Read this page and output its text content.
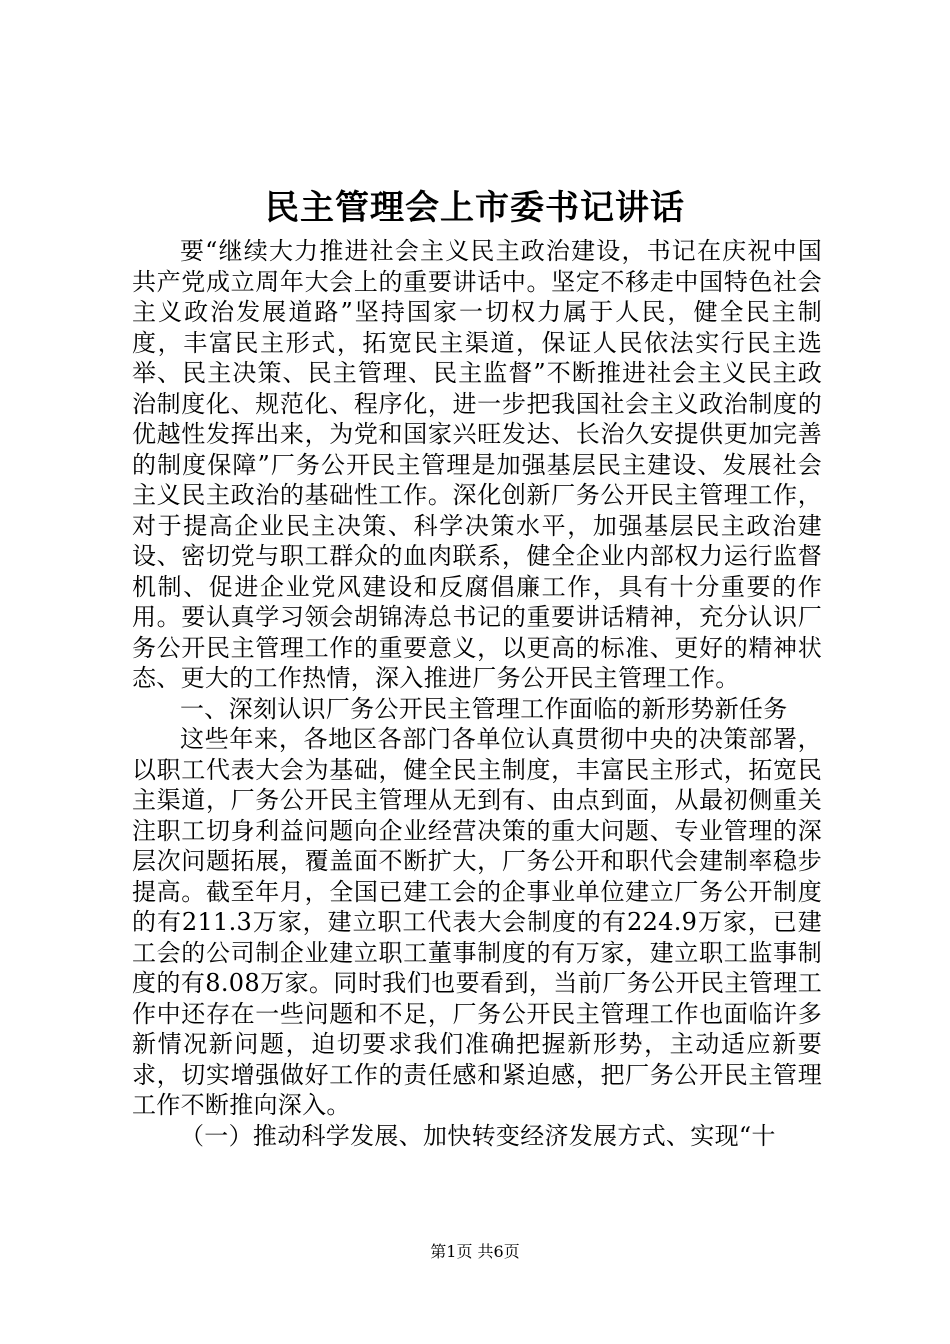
民主管理会上市委书记讲话

要“继续大力推进社会主义民主政治建设，书记在庆祝中国共产党成立周年大会上的重要讲话中。坚定不移走中国特色社会主义政治发展道路”坚持国家一切权力属于人民，健全民主制度，丰富民主形式，拓宽民主渠道，保证人民依法实行民主选举、民主决策、民主管理、民主监督”不断推进社会主义民主政治制度化、规范化、程序化，进一步把我国社会主义政治制度的优越性发挥出来，为党和国家兴旺发达、长治久安提供更加完善的制度保障”厂务公开民主管理是加强基层民主建设、发展社会主义民主政治的基础性工作。深化创新厂务公开民主管理工作，对于提高企业民主决策、科学决策水平，加强基层民主政治建设、密切党与职工群众的血肉联系，健全企业内部权力运行监督机制、促进企业党风建设和反腐倡廉工作，具有十分重要的作用。要认真学习领会胡锦涛总书记的重要讲话精神，充分认识厂务公开民主管理工作的重要意义，以更高的标准、更好的精神状态、更大的工作热情，深入推进厂务公开民主管理工作。

一、深刻认识厂务公开民主管理工作面临的新形势新任务

这些年来，各地区各部门各单位认真贯彻中央的决策部署，以职工代表大会为基础，健全民主制度，丰富民主形式，拓宽民主渠道，厂务公开民主管理从无到有、由点到面，从最初侧重关注职工切身利益问题向企业经营决策的重大问题、专业管理的深层次问题拓展，覆盖面不断扩大，厂务公开和职代会建制率稳步提高。截至年月，全国已建工会的企事业单位建立厂务公开制度的有211.3万家，建立职工代表大会制度的有224.9万家，已建工会的公司制企业建立职工董事制度的有万家，建立职工监事制度的有8.08万家。同时我们也要看到，当前厂务公开民主管理工作中还存在一些问题和不足，厂务公开民主管理工作也面临许多新情况新问题，迫切要求我们准确把握新形势，主动适应新要求，切实增强做好工作的责任感和紧迫感，把厂务公开民主管理工作不断推向深入。

（一）推动科学发展、加快转变经济发展方式、实现“十

第1页 共6页
